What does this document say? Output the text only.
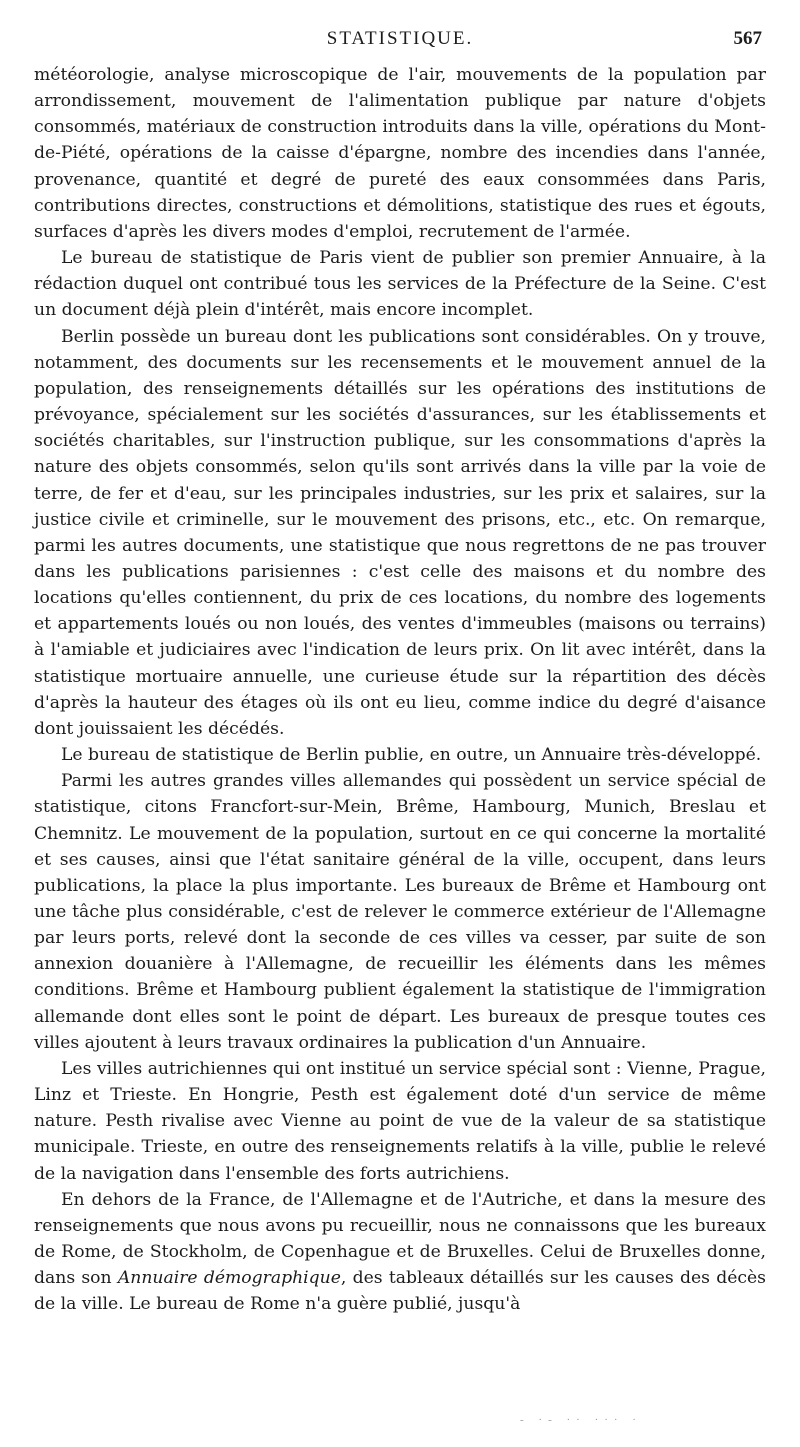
STATISTIQUE.	567

météorologie, analyse microscopique de l'air, mouvements de la population par arrondissement, mouvement de l'alimentation publique par nature d'objets consommés, matériaux de construction introduits dans la ville, opérations du Mont-de-Piété, opérations de la caisse d'épargne, nombre des incendies dans l'année, provenance, quantité et degré de pureté des eaux consommées dans Paris, contributions directes, constructions et démolitions, statistique des rues et égouts, surfaces d'après les divers modes d'emploi, recrutement de l'armée.

Le bureau de statistique de Paris vient de publier son premier Annuaire, à la rédaction duquel ont contribué tous les services de la Préfecture de la Seine. C'est un document déjà plein d'intérêt, mais encore incomplet.

Berlin possède un bureau dont les publications sont considérables. On y trouve, notamment, des documents sur les recensements et le mouvement annuel de la population, des renseignements détaillés sur les opérations des institutions de prévoyance, spécialement sur les sociétés d'assurances, sur les établissements et sociétés charitables, sur l'instruction publique, sur les consommations d'après la nature des objets consommés, selon qu'ils sont arrivés dans la ville par la voie de terre, de fer et d'eau, sur les principales industries, sur les prix et salaires, sur la justice civile et criminelle, sur le mouvement des prisons, etc., etc. On remarque, parmi les autres documents, une statistique que nous regrettons de ne pas trouver dans les publications parisiennes : c'est celle des maisons et du nombre des locations qu'elles contiennent, du prix de ces locations, du nombre des logements et appartements loués ou non loués, des ventes d'immeubles (maisons ou terrains) à l'amiable et judiciaires avec l'indication de leurs prix. On lit avec intérêt, dans la statistique mortuaire annuelle, une curieuse étude sur la répartition des décès d'après la hauteur des étages où ils ont eu lieu, comme indice du degré d'aisance dont jouissaient les décédés.

Le bureau de statistique de Berlin publie, en outre, un Annuaire très-développé.

Parmi les autres grandes villes allemandes qui possèdent un service spécial de statistique, citons Francfort-sur-Mein, Brême, Hambourg, Munich, Breslau et Chemnitz. Le mouvement de la population, surtout en ce qui concerne la mortalité et ses causes, ainsi que l'état sanitaire général de la ville, occupent, dans leurs publications, la place la plus importante. Les bureaux de Brême et Hambourg ont une tâche plus considérable, c'est de relever le commerce extérieur de l'Allemagne par leurs ports, relevé dont la seconde de ces villes va cesser, par suite de son annexion douanière à l'Allemagne, de recueillir les éléments dans les mêmes conditions. Brême et Hambourg publient également la statistique de l'immigration allemande dont elles sont le point de départ. Les bureaux de presque toutes ces villes ajoutent à leurs travaux ordinaires la publication d'un Annuaire.

Les villes autrichiennes qui ont institué un service spécial sont : Vienne, Prague, Linz et Trieste. En Hongrie, Pesth est également doté d'un service de même nature. Pesth rivalise avec Vienne au point de vue de la valeur de sa statistique municipale. Trieste, en outre des renseignements relatifs à la ville, publie le relevé de la navigation dans l'ensemble des forts autrichiens.

En dehors de la France, de l'Allemagne et de l'Autriche, et dans la mesure des renseignements que nous avons pu recueillir, nous ne connaissons que les bureaux de Rome, de Stockholm, de Copenhague et de Bruxelles. Celui de Bruxelles donne, dans son Annuaire démographique, des tableaux détaillés sur les causes des décès de la ville. Le bureau de Rome n'a guère publié, jusqu'à

- ·- ·· ··· ·
